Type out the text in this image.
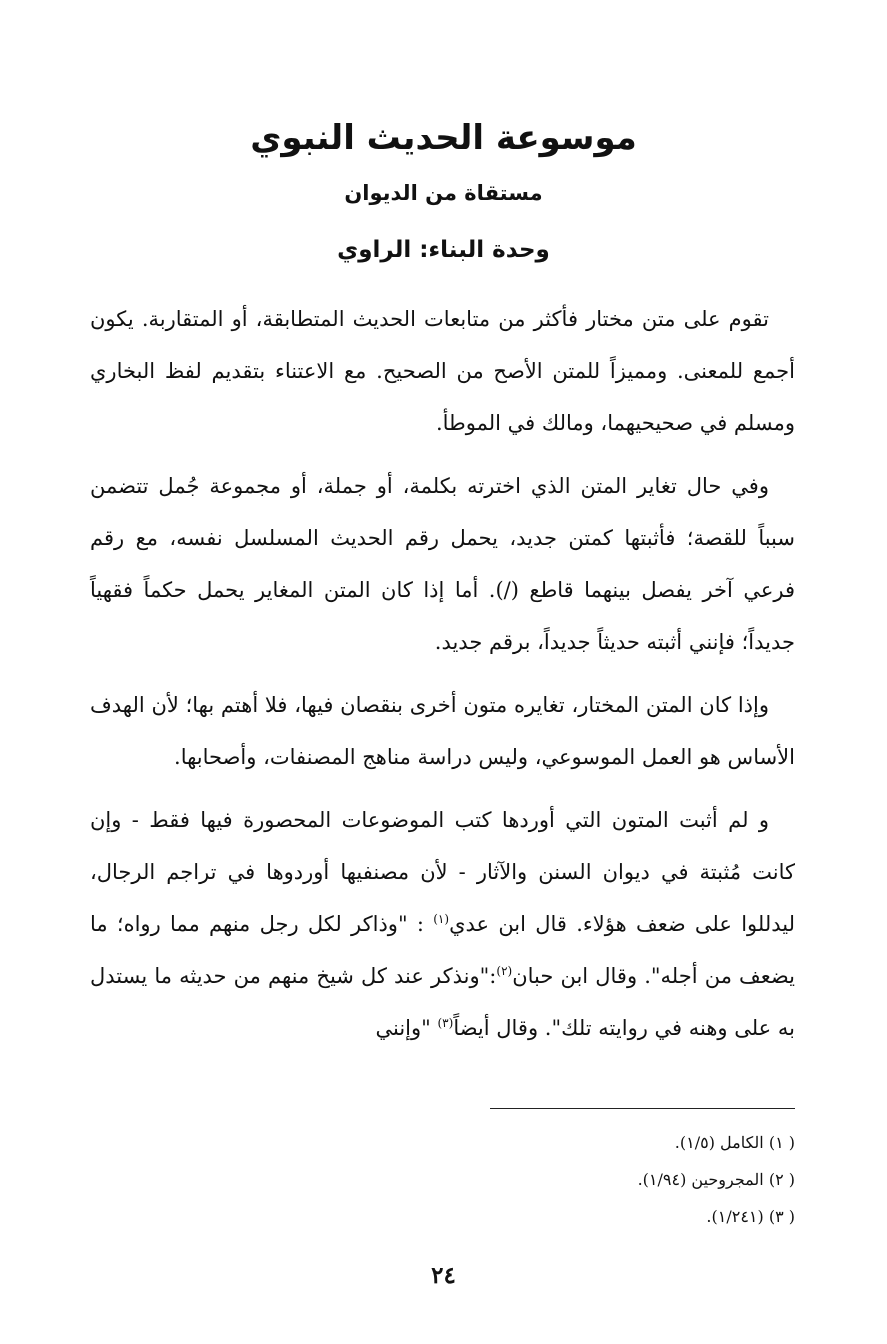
موسوعة الحديث النبوي
مستقاة من الديوان
وحدة البناء: الراوي

تقوم على متن مختار فأكثر من متابعات الحديث المتطابقة، أو المتقاربة. يكون أجمع للمعنى. ومميزاً للمتن الأصح من الصحيح. مع الاعتناء بتقديم لفظ البخاري ومسلم في صحيحيهما، ومالك في الموطأ.

وفي حال تغاير المتن الذي اخترته بكلمة، أو جملة، أو مجموعة جُمل تتضمن سبباً للقصة؛ فأثبتها كمتن جديد، يحمل رقم الحديث المسلسل نفسه، مع رقم فرعي آخر يفصل بينهما قاطع (/). أما إذا كان المتن المغاير يحمل حكماً فقهياً جديداً؛ فإنني أثبته حديثاً جديداً، برقم جديد.

وإذا كان المتن المختار، تغايره متون أخرى بنقصان فيها، فلا أهتم بها؛ لأن الهدف الأساس هو العمل الموسوعي، وليس دراسة مناهج المصنفات، وأصحابها.

و لم أثبت المتون التي أوردها كتب الموضوعات المحصورة فيها فقط - وإن كانت مُثبتة في ديوان السنن والآثار - لأن مصنفيها أوردوها في تراجم الرجال، ليدللوا على ضعف هؤلاء. قال ابن عدي$^{(١)}$ : "وذاكر لكل رجل منهم مما رواه؛ ما يضعف من أجله". وقال ابن حبان$^{(٢)}$:"ونذكر عند كل شيخ منهم من حديثه ما يستدل به على وهنه في روايته تلك". وقال أيضاً$^{(٣)}$ "وإنني

( ١) الكامل (١/٥).

( ٢) المجروحين (١/٩٤).

( ٣) (١/٢٤١).

٢٤
